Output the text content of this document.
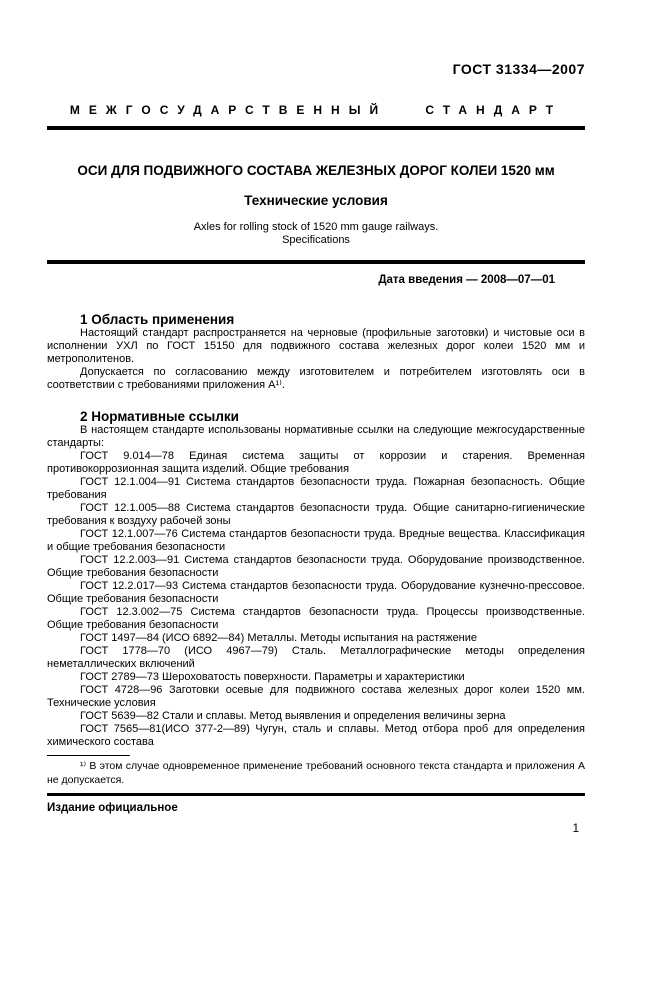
ГОСТ 31334—2007
МЕЖГОСУДАРСТВЕННЫЙ СТАНДАРТ
ОСИ ДЛЯ ПОДВИЖНОГО СОСТАВА ЖЕЛЕЗНЫХ ДОРОГ КОЛЕИ 1520 мм
Технические условия
Axles for rolling stock of 1520 mm gauge railways.
Specifications
Дата введения — 2008—07—01
1 Область применения

Настоящий стандарт распространяется на черновые (профильные заготовки) и чистовые оси в исполнении УХЛ по ГОСТ 15150 для подвижного состава железных дорог колеи 1520 мм и метрополитенов.

Допускается по согласованию между изготовителем и потребителем изготовлять оси в соответствии с требованиями приложения А¹⁾.

2 Нормативные ссылки

В настоящем стандарте использованы нормативные ссылки на следующие межгосударственные стандарты:

ГОСТ 9.014—78 Единая система защиты от коррозии и старения. Временная противокоррозионная защита изделий. Общие требования

ГОСТ 12.1.004—91 Система стандартов безопасности труда. Пожарная безопасность. Общие требования

ГОСТ 12.1.005—88 Система стандартов безопасности труда. Общие санитарно-гигиенические требования к воздуху рабочей зоны

ГОСТ 12.1.007—76 Система стандартов безопасности труда. Вредные вещества. Классификация и общие требования безопасности

ГОСТ 12.2.003—91 Система стандартов безопасности труда. Оборудование производственное. Общие требования безопасности

ГОСТ 12.2.017—93 Система стандартов безопасности труда. Оборудование кузнечно-прессовое. Общие требования безопасности

ГОСТ 12.3.002—75 Система стандартов безопасности труда. Процессы производственные. Общие требования безопасности

ГОСТ 1497—84 (ИСО 6892—84) Металлы. Методы испытания на растяжение

ГОСТ 1778—70 (ИСО 4967—79) Сталь. Металлографические методы определения неметаллических включений

ГОСТ 2789—73 Шероховатость поверхности. Параметры и характеристики

ГОСТ 4728—96 Заготовки осевые для подвижного состава железных дорог колеи 1520 мм. Технические условия

ГОСТ 5639—82 Стали и сплавы. Метод выявления и определения величины зерна

ГОСТ 7565—81(ИСО 377-2—89) Чугун, сталь и сплавы. Метод отбора проб для определения химического состава

¹⁾ В этом случае одновременное применение требований основного текста стандарта и приложения А не допускается.

Издание официальное
1
